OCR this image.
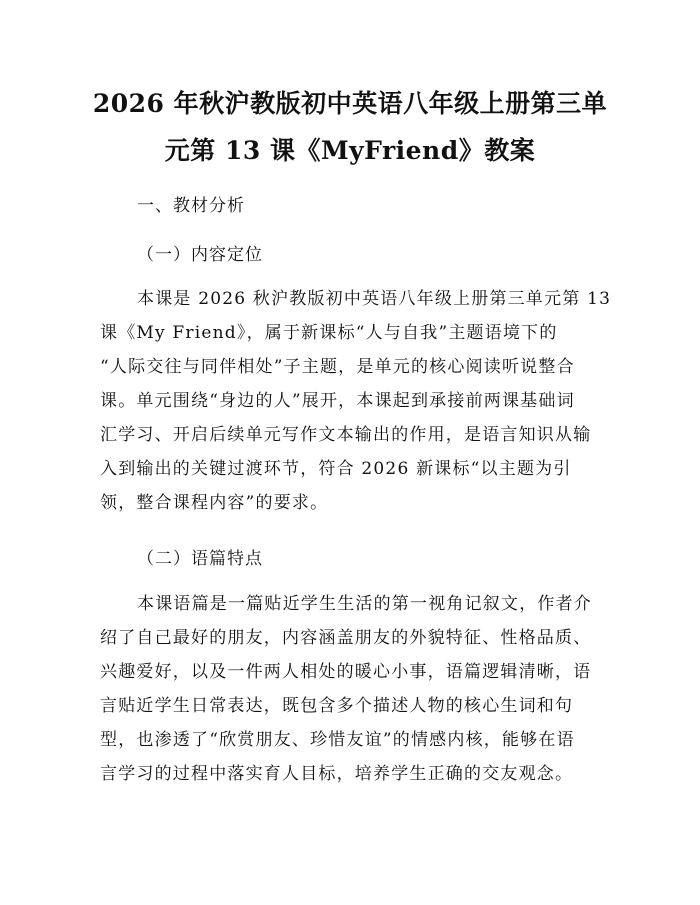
2026 年秋沪教版初中英语八年级上册第三单
元第 13 课《MyFriend》教案
一、教材分析
（一）内容定位
本课是 2026 秋沪教版初中英语八年级上册第三单元第 13
课《My Friend》，属于新课标“人与自我”主题语境下的
“人际交往与同伴相处”子主题，是单元的核心阅读听说整合
课。单元围绕“身边的人”展开，本课起到承接前两课基础词
汇学习、开启后续单元写作文本输出的作用，是语言知识从输
入到输出的关键过渡环节，符合 2026 新课标“以主题为引
领，整合课程内容”的要求。
（二）语篇特点
本课语篇是一篇贴近学生生活的第一视角记叙文，作者介
绍了自己最好的朋友，内容涵盖朋友的外貌特征、性格品质、
兴趣爱好，以及一件两人相处的暖心小事，语篇逻辑清晰，语
言贴近学生日常表达，既包含多个描述人物的核心生词和句
型，也渗透了“欣赏朋友、珍惜友谊”的情感内核，能够在语
言学习的过程中落实育人目标，培养学生正确的交友观念。
